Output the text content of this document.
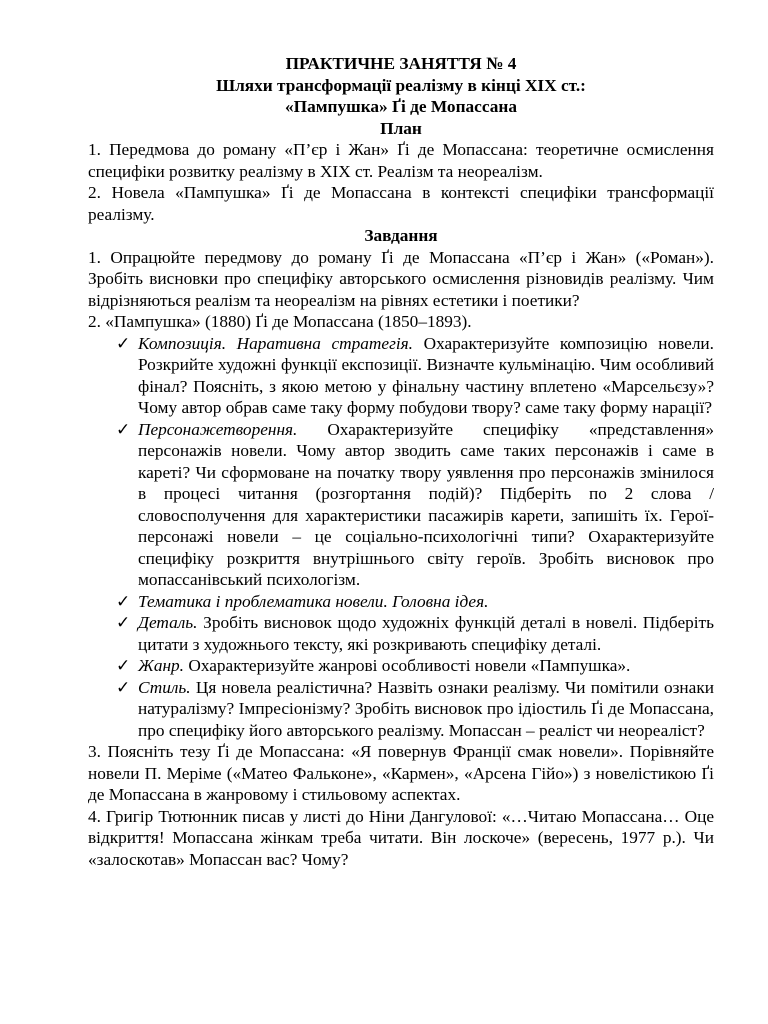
ПРАКТИЧНЕ ЗАНЯТТЯ № 4
Шляхи трансформації реалізму в кінці ХІХ ст.:
«Пампушка» Ґі де Мопассана
План
1. Передмова до роману «П’єр і Жан» Ґі де Мопассана: теоретичне осмислення специфіки розвитку реалізму в ХІХ ст. Реалізм та неореалізм.
2. Новела «Пампушка» Ґі де Мопассана в контексті специфіки трансформації реалізму.
Завдання
1. Опрацюйте передмову до роману Ґі де Мопассана «П’єр і Жан» («Роман»). Зробіть висновки про специфіку авторського осмислення різновидів реалізму. Чим відрізняються реалізм та неореалізм на рівнях естетики і поетики?
2. «Пампушка» (1880) Ґі де Мопассана (1850–1893).
✓ Композиція. Наративна стратегія. Охарактеризуйте композицію новели. Розкрийте художні функції експозиції. Визначте кульмінацію. Чим особливий фінал? Поясніть, з якою метою у фінальну частину вплетено «Марсельєзу»? Чому автор обрав саме таку форму побудови твору? саме таку форму нарації?
✓ Персонажетворення. Охарактеризуйте специфіку «представлення» персонажів новели. Чому автор зводить саме таких персонажів і саме в кареті? Чи сформоване на початку твору уявлення про персонажів змінилося в процесі читання (розгортання подій)? Підберіть по 2 слова / словосполучення для характеристики пасажирів карети, запишіть їх. Герої-персонажі новели – це соціально-психологічні типи? Охарактеризуйте специфіку розкриття внутрішнього світу героїв. Зробіть висновок про мопассанівський психологізм.
✓ Тематика і проблематика новели. Головна ідея.
✓ Деталь. Зробіть висновок щодо художніх функцій деталі в новелі. Підберіть цитати з художнього тексту, які розкривають специфіку деталі.
✓ Жанр. Охарактеризуйте жанрові особливості новели «Пампушка».
✓ Стиль. Ця новела реалістична? Назвіть ознаки реалізму. Чи помітили ознаки натуралізму? Імпресіонізму? Зробіть висновок про ідіостиль Ґі де Мопассана, про специфіку його авторського реалізму. Мопассан – реаліст чи неореаліст?
3. Поясніть тезу Ґі де Мопассана: «Я повернув Франції смак новели». Порівняйте новели П. Меріме («Матео Фальконе», «Кармен», «Арсена Гійо») з новелістикою Ґі де Мопассана в жанровому і стильовому аспектах.
4. Григір Тютюнник писав у листі до Ніни Дангулової: «…Читаю Мопассана… Оце відкриття! Мопассана жінкам треба читати. Він лоскоче» (вересень, 1977 р.). Чи «залоскотав» Мопассан вас? Чому?
